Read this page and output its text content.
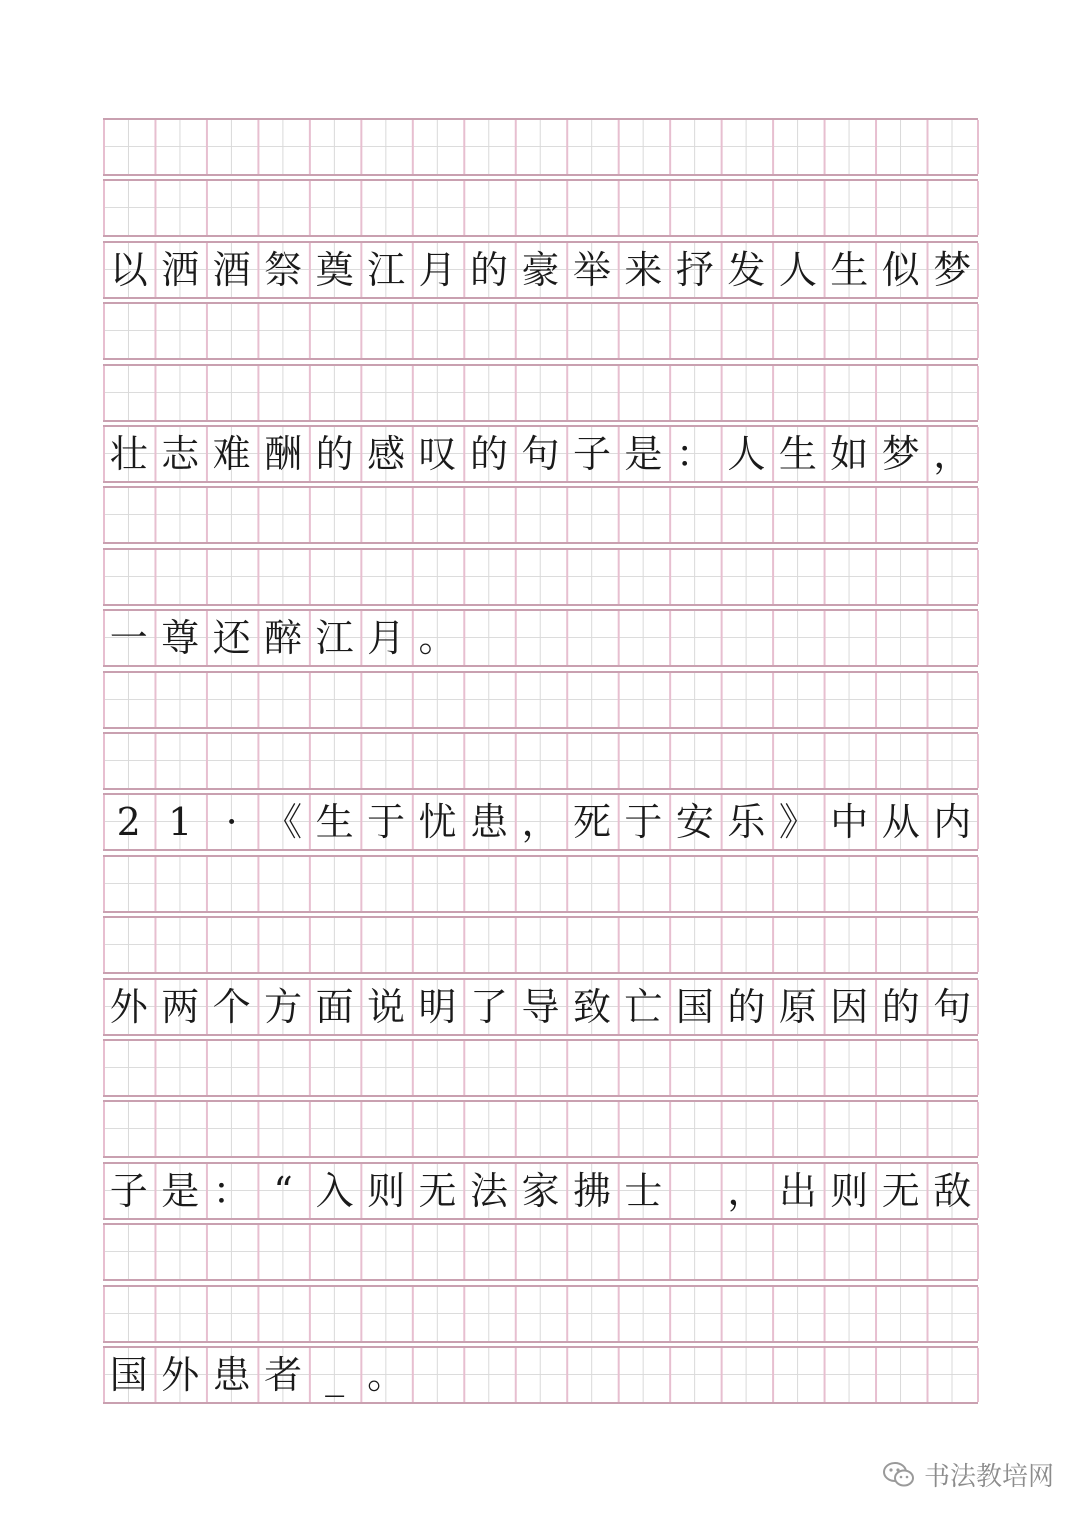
以 洒 酒 祭 奠 江 月 的 豪 举 来 抒 发 人 生 似 梦
壮 志 难 酬 的 感 叹 的 句 子 是 ： 人 生 如 梦 ，
一 尊 还 醉 江 月 。
2 1 · 《 生 于 忧 患 ， 死 于 安 乐 》 中 从 内
外 两 个 方 面 说 明 了 导 致 亡 国 的 原 因 的 句
子 是 ： “ 入 则 无 法 家 拂 士 ， 出 则 无 敌
国 外 患 者 _ 。
书法教培网
